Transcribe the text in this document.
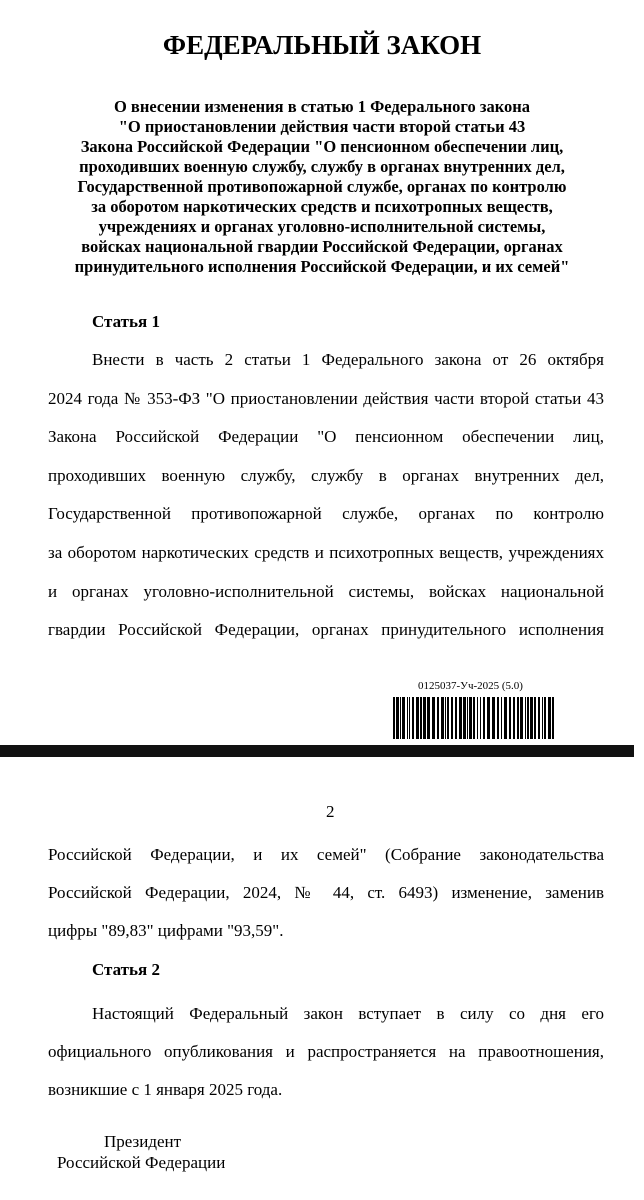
ФЕДЕРАЛЬНЫЙ ЗАКОН
О внесении изменения в статью 1 Федерального закона
"О приостановлении действия части второй статьи 43
Закона Российской Федерации "О пенсионном обеспечении лиц,
проходивших военную службу, службу в органах внутренних дел,
Государственной противопожарной службе, органах по контролю
за оборотом наркотических средств и психотропных веществ,
учреждениях и органах уголовно-исполнительной системы,
войсках национальной гвардии Российской Федерации, органах
принудительного исполнения Российской Федерации, и их семей"
Статья 1
Внести в часть 2 статьи 1 Федерального закона от 26 октября
2024 года № 353-ФЗ "О приостановлении действия части второй статьи 43
Закона Российской Федерации "О пенсионном обеспечении лиц,
проходивших военную службу, службу в органах внутренних дел,
Государственной противопожарной службе, органах по контролю
за оборотом наркотических средств и психотропных веществ, учреждениях
и органах уголовно-исполнительной системы, войсках национальной
гвардии Российской Федерации, органах принудительного исполнения
0125037-Уч-2025 (5.0)
2
Российской Федерации, и их семей" (Собрание законодательства
Российской Федерации, 2024, № 44, ст. 6493) изменение, заменив
цифры "89,83" цифрами "93,59".
Статья 2
Настоящий Федеральный закон вступает в силу со дня его
официального опубликования и распространяется на правоотношения,
возникшие с 1 января 2025 года.
Президент
Российской Федерации
